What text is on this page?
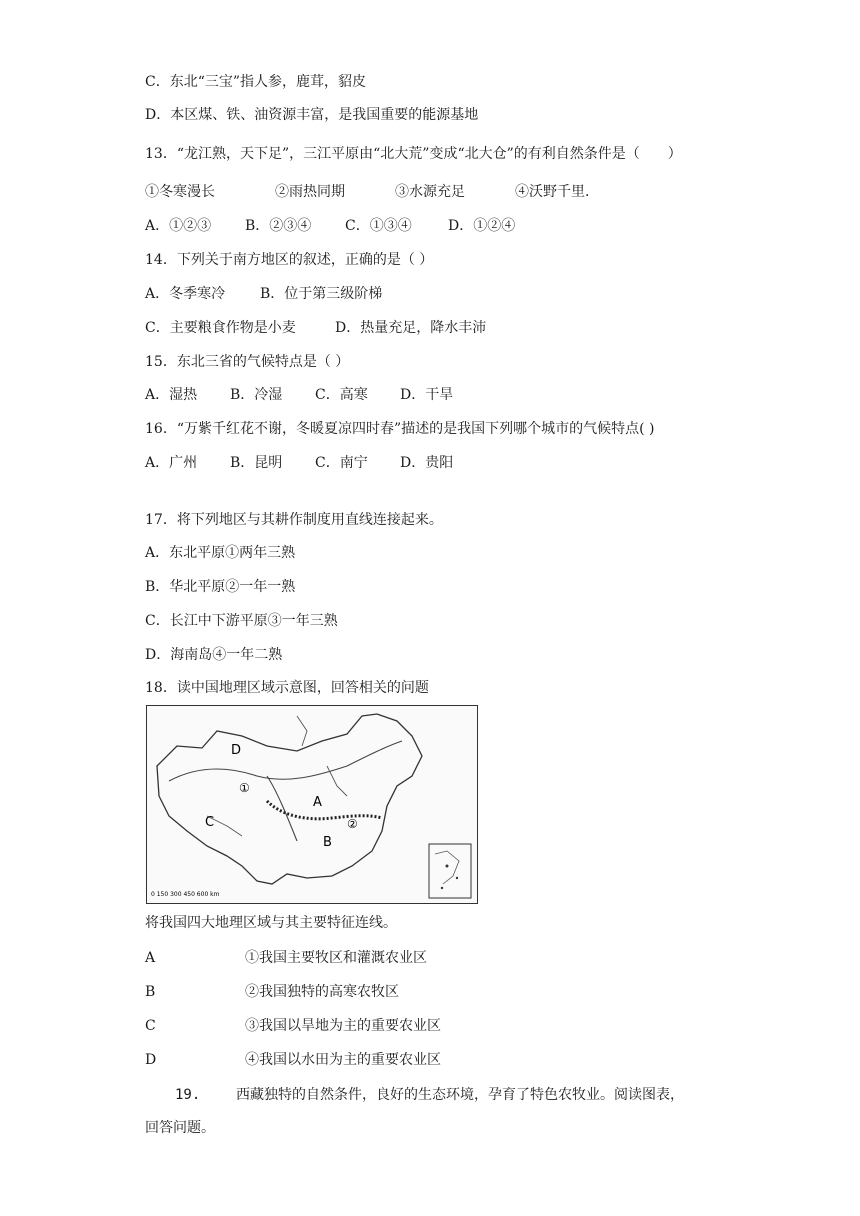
C．东北“三宝”指人参，鹿茸，貂皮
D．本区煤、铁、油资源丰富，是我国重要的能源基地
13．“龙江熟，天下足”，三江平原由“北大荒”变成“北大仓”的有利自然条件是（　　）
①冬寒漫长	②雨热同期	③水源充足	④沃野千里．
A．①②③ B．②③④ C．①③④	D．①②④
14．下列关于南方地区的叙述，正确的是（ ）
A．冬季寒冷 B．位于第三级阶梯
C．主要粮食作物是小麦	D．热量充足，降水丰沛
15．东北三省的气候特点是（ ）
A．湿热 B．冷湿 C．高寒 D．干旱
16．“万紫千红花不谢，冬暖夏凉四时春”描述的是我国下列哪个城市的气候特点( )
A．广州 B．昆明 C．南宁 D．贵阳
17．将下列地区与其耕作制度用直线连接起来。
A．东北平原①两年三熟
B．华北平原②一年一熟
C．长江中下游平原③一年三熟
D．海南岛④一年二熟
18．读中国地理区域示意图，回答相关的问题
D
C
A
B
①
②
0 150 300 450 600 km
将我国四大地理区域与其主要特征连线。
A	①我国主要牧区和灌溉农业区
B	②我国独特的高寒农牧区
C	③我国以旱地为主的重要农业区
D	④我国以水田为主的重要农业区
19.	西藏独特的自然条件，良好的生态环境，孕育了特色农牧业。阅读图表，
回答问题。
